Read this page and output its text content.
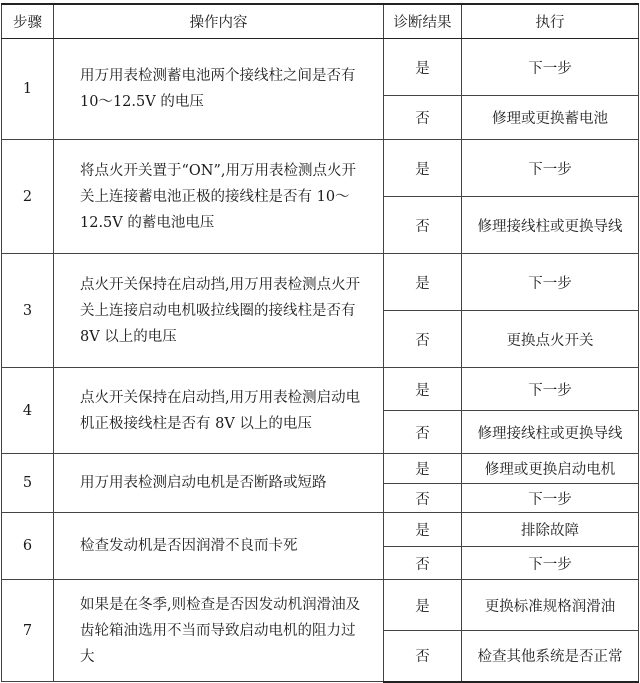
步骤	操作内容	诊断结果	执行
1	用万用表检测蓄电池两个接线柱之间是否有 10～12.5V 的电压	是	下一步
		否	修理或更换蓄电池
2	将点火开关置于“ON”,用万用表检测点火开关上连接蓄电池正极的接线柱是否有 10～12.5V 的蓄电池电压	是	下一步
		否	修理接线柱或更换导线
3	点火开关保持在启动挡,用万用表检测点火开关上连接启动电机吸拉线圈的接线柱是否有 8V 以上的电压	是	下一步
		否	更换点火开关
4	点火开关保持在启动挡,用万用表检测启动电机正极接线柱是否有 8V 以上的电压	是	下一步
		否	修理接线柱或更换导线
5	用万用表检测启动电机是否断路或短路	是	修理或更换启动电机
		否	下一步
6	检查发动机是否因润滑不良而卡死	是	排除故障
		否	下一步
7	如果是在冬季,则检查是否因发动机润滑油及齿轮箱油选用不当而导致启动电机的阻力过大	是	更换标准规格润滑油
		否	检查其他系统是否正常
